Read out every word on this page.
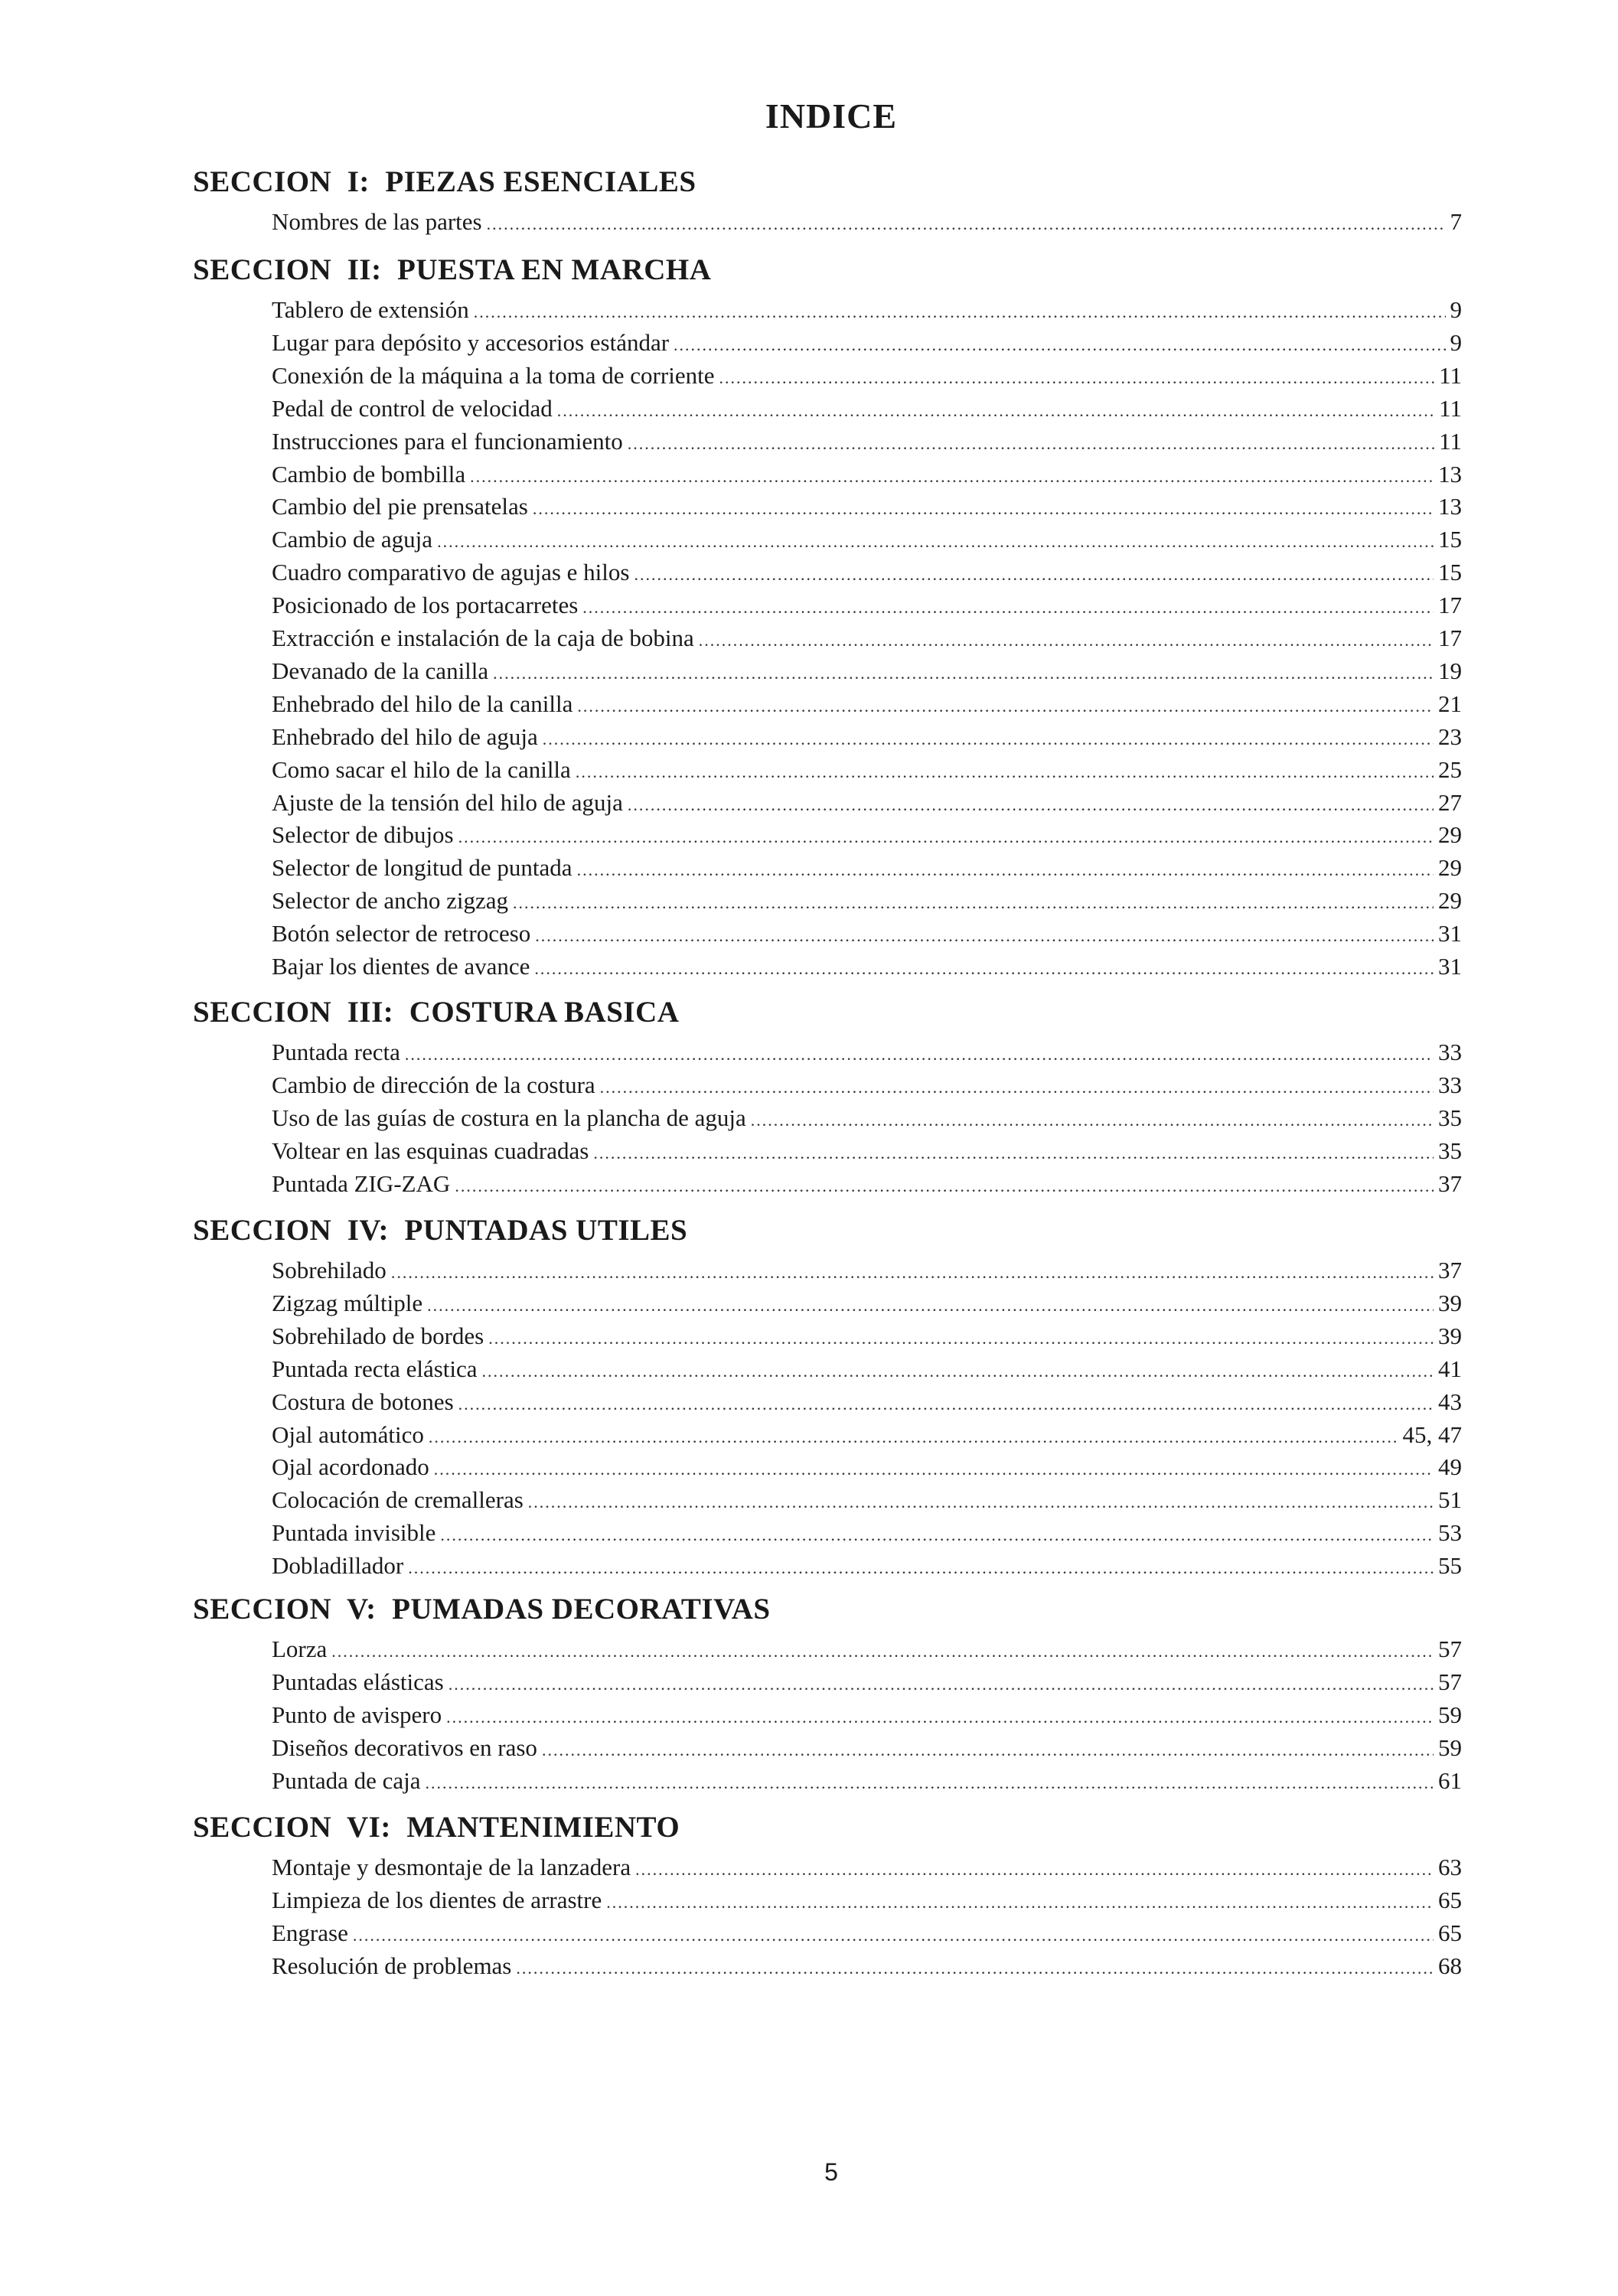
INDICE
SECCION  I:  PIEZAS ESENCIALES
Nombres de las partes .....	7
SECCION  II:  PUESTA EN MARCHA
Tablero de extensión .....	9
Lugar para depósito y accesorios estándar .....	9
Conexión de la máquina a la toma de corriente .....	11
Pedal de control de velocidad .....	11
Instrucciones para el funcionamiento .....	11
Cambio de bombilla .....	13
Cambio del pie prensatelas .....	13
Cambio de aguja .....	15
Cuadro comparativo de agujas e hilos .....	15
Posicionado de los portacarretes .....	17
Extracción e instalación de la caja de bobina .....	17
Devanado de la canilla .....	19
Enhebrado del hilo de la canilla .....	21
Enhebrado del hilo de aguja .....	23
Como sacar el hilo de la canilla .....	25
Ajuste de la tensión del hilo de aguja .....	27
Selector de dibujos .....	29
Selector de longitud de puntada .....	29
Selector de ancho zigzag .....	29
Botón selector de retroceso .....	31
Bajar los dientes de avance .....	31
SECCION  III:  COSTURA BASICA
Puntada recta .....	33
Cambio de dirección de la costura .....	33
Uso de las guías de costura en la plancha de aguja .....	35
Voltear en las esquinas cuadradas .....	35
Puntada ZIG-ZAG .....	37
SECCION  IV:  PUNTADAS UTILES
Sobrehilado .....	37
Zigzag múltiple .....	39
Sobrehilado de bordes .....	39
Puntada recta elástica .....	41
Costura de botones .....	43
Ojal automático .....	45, 47
Ojal acordonado .....	49
Colocación de cremalleras .....	51
Puntada invisible .....	53
Dobladillador .....	55
SECCION  V:  PUMADAS DECORATIVAS
Lorza .....	57
Puntadas elásticas .....	57
Punto de avispero .....	59
Diseños decorativos en raso .....	59
Puntada de caja .....	61
SECCION  VI:  MANTENIMIENTO
Montaje y desmontaje de la lanzadera .....	63
Limpieza de los dientes de arrastre .....	65
Engrase .....	65
Resolución de problemas .....	68
5
